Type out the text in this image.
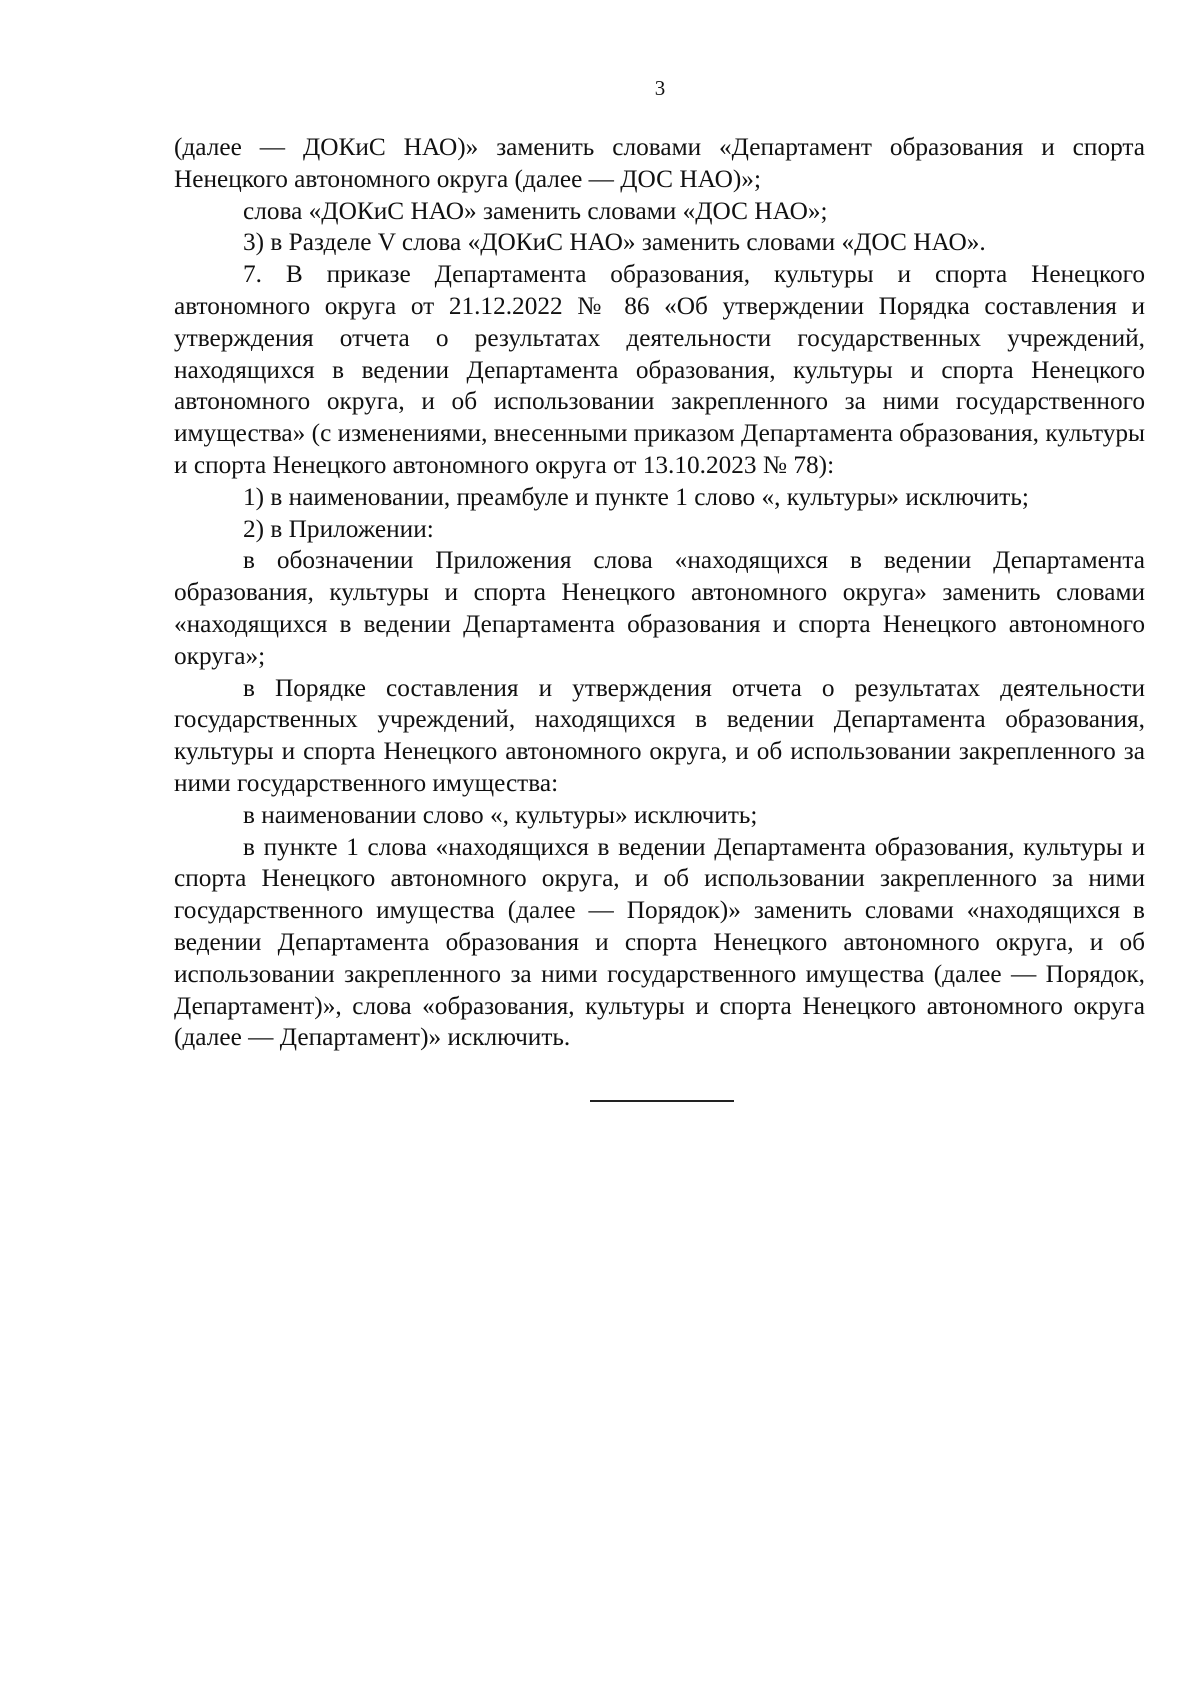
3

(далее — ДОКиС НАО)» заменить словами «Департамент образования и спорта Ненецкого автономного округа (далее — ДОС НАО)»;

слова «ДОКиС НАО» заменить словами «ДОС НАО»;

3) в Разделе V слова «ДОКиС НАО» заменить словами «ДОС НАО».

7. В приказе Департамента образования, культуры и спорта Ненецкого автономного округа от 21.12.2022 № 86 «Об утверждении Порядка составления и утверждения отчета о результатах деятельности государственных учреждений, находящихся в ведении Департамента образования, культуры и спорта Ненецкого автономного округа, и об использовании закрепленного за ними государственного имущества» (с изменениями, внесенными приказом Департамента образования, культуры и спорта Ненецкого автономного округа от 13.10.2023 № 78):

1) в наименовании, преамбуле и пункте 1 слово «, культуры» исключить;

2) в Приложении:

в обозначении Приложения слова «находящихся в ведении Департамента образования, культуры и спорта Ненецкого автономного округа» заменить словами «находящихся в ведении Департамента образования и спорта Ненецкого автономного округа»;

в Порядке составления и утверждения отчета о результатах деятельности государственных учреждений, находящихся в ведении Департамента образования, культуры и спорта Ненецкого автономного округа, и об использовании закрепленного за ними государственного имущества:

в наименовании слово «, культуры» исключить;

в пункте 1 слова «находящихся в ведении Департамента образования, культуры и спорта Ненецкого автономного округа, и об использовании закрепленного за ними государственного имущества (далее — Порядок)» заменить словами «находящихся в ведении Департамента образования и спорта Ненецкого автономного округа, и об использовании закрепленного за ними государственного имущества (далее — Порядок, Департамент)», слова «образования, культуры и спорта Ненецкого автономного округа (далее — Департамент)» исключить.
